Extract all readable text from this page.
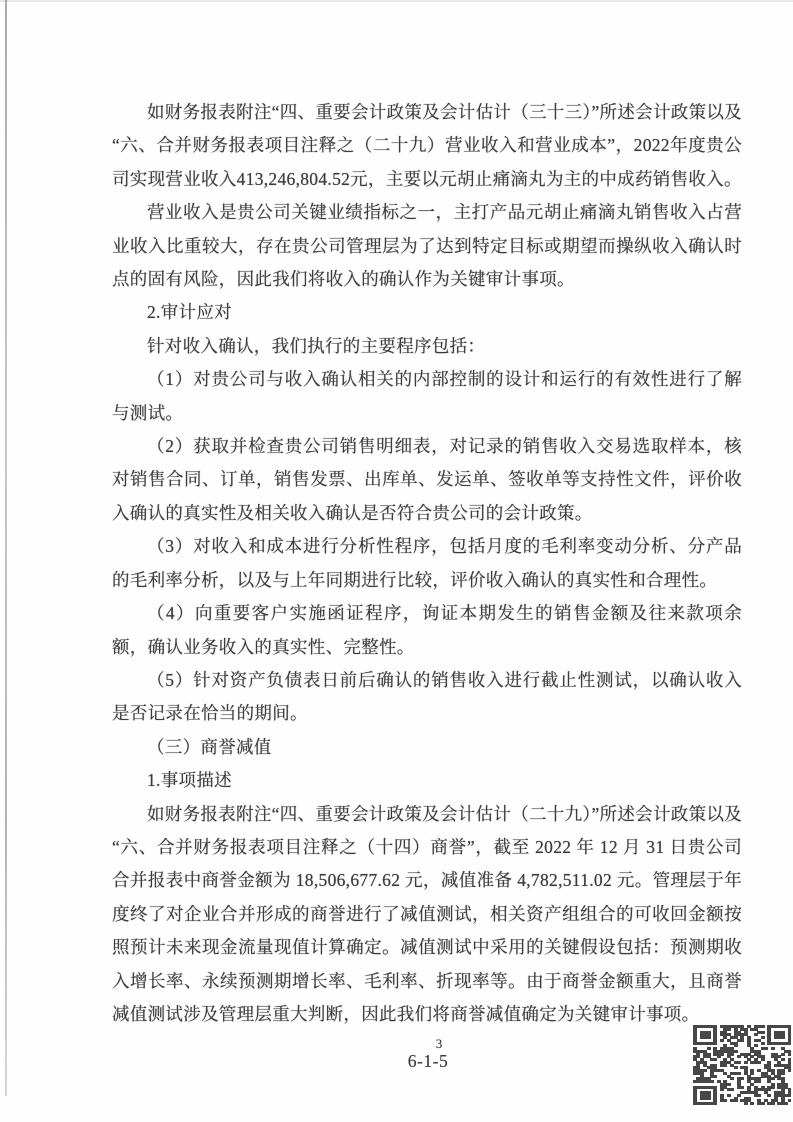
如财务报表附注“四、重要会计政策及会计估计（三十三）”所述会计政策以及“六、合并财务报表项目注释之（二十九）营业收入和营业成本”，2022年度贵公司实现营业收入413,246,804.52元，主要以元胡止痛滴丸为主的中成药销售收入。

营业收入是贵公司关键业绩指标之一，主打产品元胡止痛滴丸销售收入占营业收入比重较大，存在贵公司管理层为了达到特定目标或期望而操纵收入确认时点的固有风险，因此我们将收入的确认作为关键审计事项。

2.审计应对

针对收入确认，我们执行的主要程序包括：

（1）对贵公司与收入确认相关的内部控制的设计和运行的有效性进行了解与测试。

（2）获取并检查贵公司销售明细表，对记录的销售收入交易选取样本，核对销售合同、订单，销售发票、出库单、发运单、签收单等支持性文件，评价收入确认的真实性及相关收入确认是否符合贵公司的会计政策。

（3）对收入和成本进行分析性程序，包括月度的毛利率变动分析、分产品的毛利率分析，以及与上年同期进行比较，评价收入确认的真实性和合理性。

（4）向重要客户实施函证程序，询证本期发生的销售金额及往来款项余额，确认业务收入的真实性、完整性。

（5）针对资产负债表日前后确认的销售收入进行截止性测试，以确认收入是否记录在恰当的期间。

（三）商誉减值

1.事项描述

如财务报表附注“四、重要会计政策及会计估计（二十九）”所述会计政策以及“六、合并财务报表项目注释之（十四）商誉”，截至 2022 年 12 月 31 日贵公司合并报表中商誉金额为 18,506,677.62 元，减值准备 4,782,511.02 元。管理层于年度终了对企业合并形成的商誉进行了减值测试，相关资产组组合的可收回金额按照预计未来现金流量现值计算确定。减值测试中采用的关键假设包括：预测期收入增长率、永续预测期增长率、毛利率、折现率等。由于商誉金额重大，且商誉减值测试涉及管理层重大判断，因此我们将商誉减值确定为关键审计事项。

3
6-1-5
